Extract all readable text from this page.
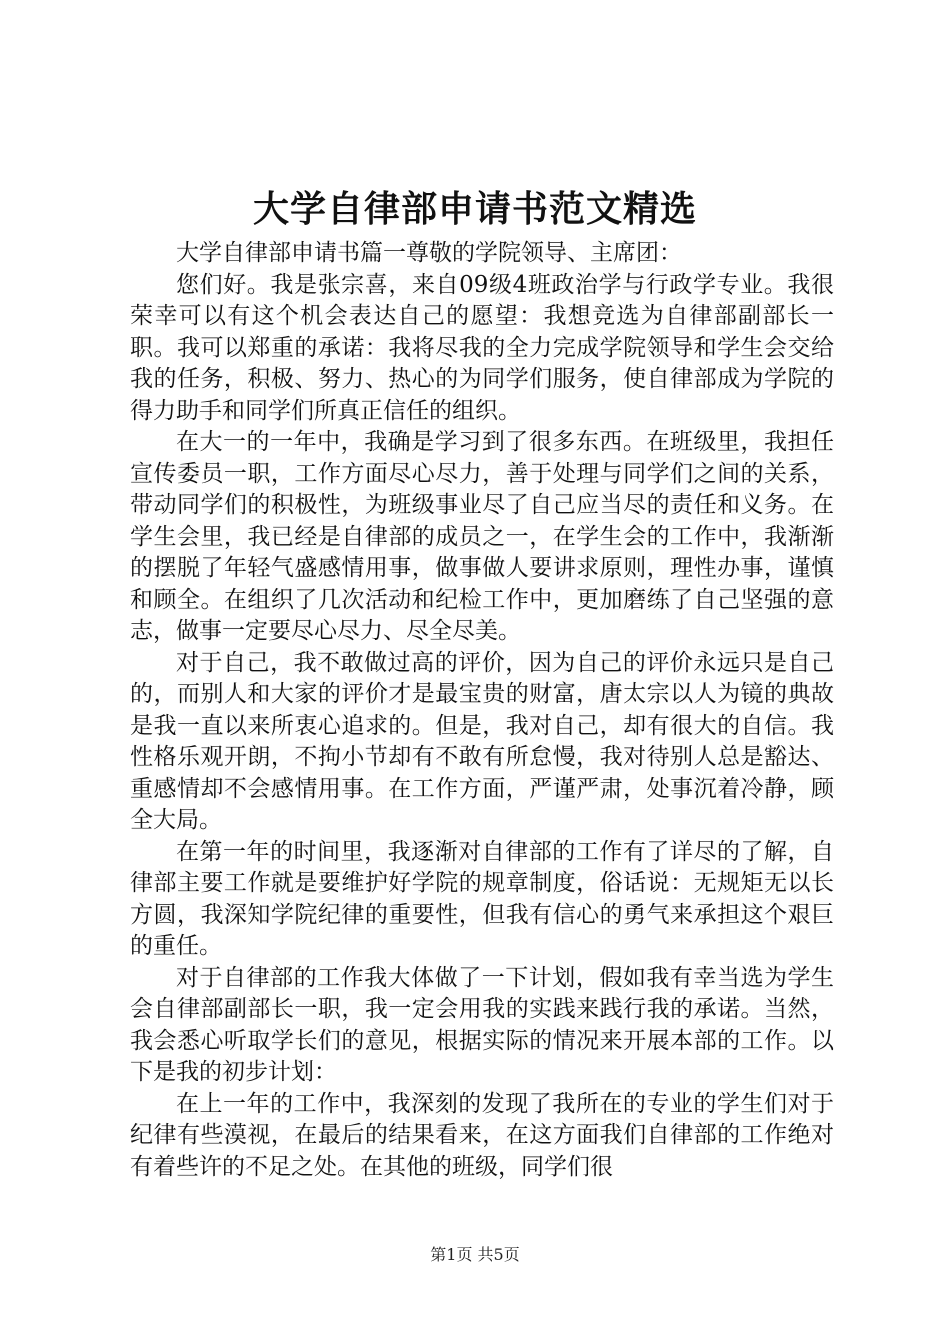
大学自律部申请书范文精选

大学自律部申请书篇一尊敬的学院领导、主席团：

您们好。我是张宗喜，来自09级4班政治学与行政学专业。我很荣幸可以有这个机会表达自己的愿望：我想竞选为自律部副部长一职。我可以郑重的承诺：我将尽我的全力完成学院领导和学生会交给我的任务，积极、努力、热心的为同学们服务，使自律部成为学院的得力助手和同学们所真正信任的组织。

在大一的一年中，我确是学习到了很多东西。在班级里，我担任宣传委员一职，工作方面尽心尽力，善于处理与同学们之间的关系，带动同学们的积极性，为班级事业尽了自己应当尽的责任和义务。在学生会里，我已经是自律部的成员之一，在学生会的工作中，我渐渐的摆脱了年轻气盛感情用事，做事做人要讲求原则，理性办事，谨慎和顾全。在组织了几次活动和纪检工作中，更加磨练了自己坚强的意志，做事一定要尽心尽力、尽全尽美。

对于自己，我不敢做过高的评价，因为自己的评价永远只是自己的，而别人和大家的评价才是最宝贵的财富，唐太宗以人为镜的典故是我一直以来所衷心追求的。但是，我对自己，却有很大的自信。我性格乐观开朗，不拘小节却有不敢有所怠慢，我对待别人总是豁达、重感情却不会感情用事。在工作方面，严谨严肃，处事沉着冷静，顾全大局。

在第一年的时间里，我逐渐对自律部的工作有了详尽的了解，自律部主要工作就是要维护好学院的规章制度，俗话说：无规矩无以长方圆，我深知学院纪律的重要性，但我有信心的勇气来承担这个艰巨的重任。

对于自律部的工作我大体做了一下计划，假如我有幸当选为学生会自律部副部长一职，我一定会用我的实践来践行我的承诺。当然，我会悉心听取学长们的意见，根据实际的情况来开展本部的工作。以下是我的初步计划：

在上一年的工作中，我深刻的发现了我所在的专业的学生们对于纪律有些漠视，在最后的结果看来，在这方面我们自律部的工作绝对有着些许的不足之处。在其他的班级，同学们很

第1页 共5页
